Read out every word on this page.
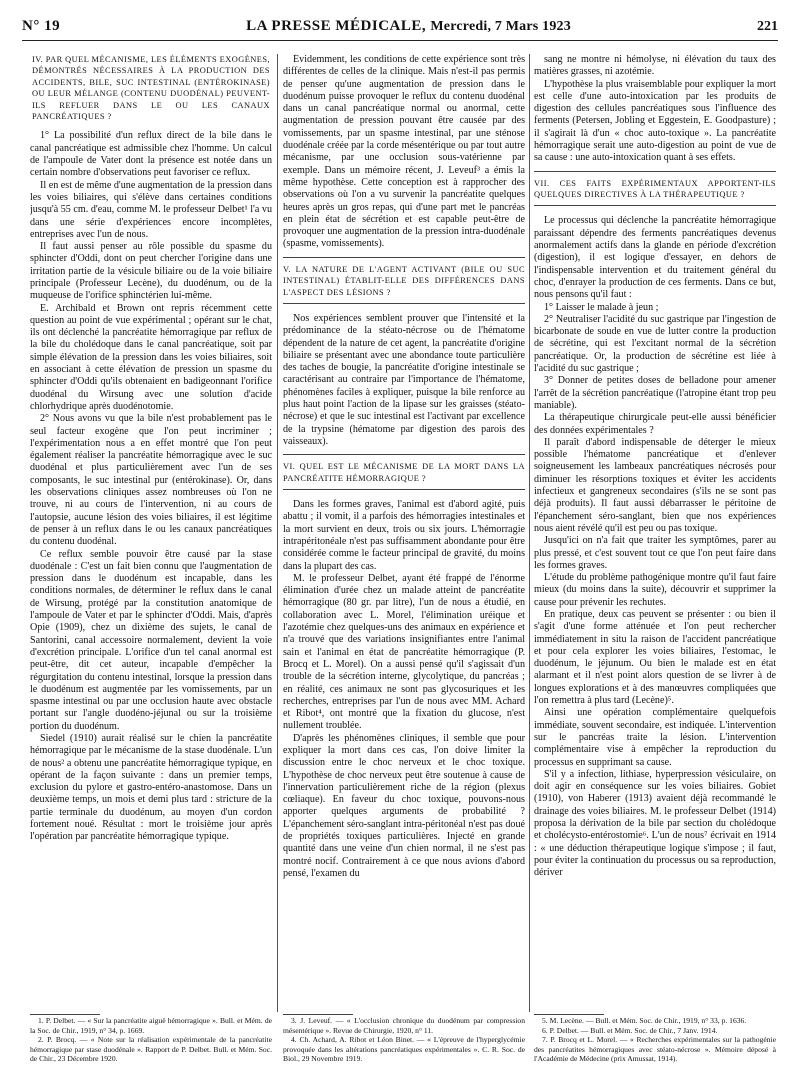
N° 19	LA PRESSE MÉDICALE, Mercredi, 7 Mars 1923	221
IV. PAR QUEL MÉCANISME, LES ÉLÉMENTS EXOGÈNES, DÉMONTRÉS NÉCESSAIRES À LA PRODUCTION DES ACCIDENTS, BILE, SUC INTESTINAL (ENTÉROKINASE) OU LEUR MÉLANGE (CONTENU DUODÉNAL) PEUVENT-ILS REFLUER DANS LE OU LES CANAUX PANCRÉATIQUES ?
1° La possibilité d'un reflux direct de la bile dans le canal pancréatique est admissible chez l'homme. Un calcul de l'ampoule de Vater dont la présence est notée dans un certain nombre d'observations peut favoriser ce reflux.
Il en est de même d'une augmentation de la pression dans les voies biliaires, qui s'élève dans certaines conditions jusqu'à 55 cm. d'eau, comme M. le professeur Delbet¹ l'a vu dans une série d'expériences encore incomplètes, entreprises avec l'un de nous.
Il faut aussi penser au rôle possible du spasme du sphincter d'Oddi, dont on peut chercher l'origine dans une irritation partie de la vésicule biliaire ou de la voie biliaire principale (Professeur Lecène), du duodénum, ou de la muqueuse de l'orifice sphinctérien lui-même.
E. Archibald et Brown ont repris récemment cette question au point de vue expérimental ; opérant sur le chat, ils ont déclenché la pancréatite hémorragique par reflux de la bile du cholédoque dans le canal pancréatique, soit par simple élévation de la pression dans les voies biliaires, soit en associant à cette élévation de pression un spasme du sphincter d'Oddi qu'ils obtenaient en badigeonnant l'orifice duodénal du Wirsung avec une solution d'acide chlorhydrique après duodénotomie.
2° Nous avons vu que la bile n'est probablement pas le seul facteur exogène que l'on peut incriminer ; l'expérimentation nous a en effet montré que l'on peut également réaliser la pancréatite hémorragique avec le suc duodénal et plus particulièrement avec l'un de ses composants, le suc intestinal pur (entérokinase). Or, dans les observations cliniques assez nombreuses où l'on ne trouve, ni au cours de l'intervention, ni au cours de l'autopsie, aucune lésion des voies biliaires, il est légitime de penser à un reflux dans le ou les canaux pancréatiques du contenu duodénal.
Ce reflux semble pouvoir être causé par la stase duodénale : C'est un fait bien connu que l'augmentation de pression dans le duodénum est incapable, dans les conditions normales, de déterminer le reflux dans le canal de Wirsung, protégé par la constitution anatomique de l'ampoule de Vater et par le sphincter d'Oddi. Mais, d'après Opie (1909), chez un dixième des sujets, le canal de Santorini, canal accessoire normalement, devient la voie d'excrétion principale. L'orifice d'un tel canal anormal est peut-être, dit cet auteur, incapable d'empêcher la régurgitation du contenu intestinal, lorsque la pression dans le duodénum est augmentée par les vomissements, par un spasme intestinal ou par une occlusion haute avec obstacle portant sur l'angle duodéno-jéjunal ou sur la troisième portion du duodénum.
Siedel (1910) aurait réalisé sur le chien la pancréatite hémorragique par le mécanisme de la stase duodénale. L'un de nous² a obtenu une pancréatite hémorragique typique, en opérant de la façon suivante : dans un premier temps, exclusion du pylore et gastro-entéro-anastomose. Dans un deuxième temps, un mois et demi plus tard : stricture de la partie terminale du duodénum, au moyen d'un cordon fortement noué. Résultat : mort le troisième jour après l'opération par pancréatite hémorragique typique.
Évidemment, les conditions de cette expérience sont très différentes de celles de la clinique. Mais n'est-il pas permis de penser qu'une augmentation de pression dans le duodénum puisse provoquer le reflux du contenu duodénal dans un canal pancréatique normal ou anormal, cette augmentation de pression pouvant être causée par des vomissements, par un spasme intestinal, par une sténose duodénale créée par la corde mésentérique ou par tout autre mécanisme, par une occlusion sous-vatérienne par exemple. Dans un mémoire récent, J. Leveuf³ a émis la même hypothèse. Cette conception est à rapprocher des observations où l'on a vu survenir la pancréatite quelques heures après un gros repas, qui d'une part met le pancréas en plein état de sécrétion et est capable peut-être de provoquer une augmentation de la pression intra-duodénale (spasme, vomissements).
V. LA NATURE DE L'AGENT ACTIVANT (BILE OU SUC INTESTINAL) ÉTABLIT-ELLE DES DIFFÉRENCES DANS L'ASPECT DES LÉSIONS ?
Nos expériences semblent prouver que l'intensité et la prédominance de la stéato-nécrose ou de l'hématome dépendent de la nature de cet agent, la pancréatite d'origine biliaire se présentant avec une abondance toute particulière des taches de bougie, la pancréatite d'origine intestinale se caractérisant au contraire par l'importance de l'hématome, phénomènes faciles à expliquer, puisque la bile renforce au plus haut point l'action de la lipase sur les graisses (stéato-nécrose) et que le suc intestinal est l'activant par excellence de la trypsine (hématome par digestion des parois des vaisseaux).
VI. QUEL EST LE MÉCANISME DE LA MORT DANS LA PANCRÉATITE HÉMORRAGIQUE ?
Dans les formes graves, l'animal est d'abord agité, puis abattu ; il vomit, il a parfois des hémorragies intestinales et la mort survient en deux, trois ou six jours. L'hémorragie intrapéritonéale n'est pas suffisamment abondante pour être considérée comme le facteur principal de gravité, du moins dans la plupart des cas.
M. le professeur Delbet, ayant été frappé de l'énorme élimination d'urée chez un malade atteint de pancréatite hémorragique (80 gr. par litre), l'un de nous a étudié, en collaboration avec L. Morel, l'élimination uréique et l'azotémie chez quelques-uns des animaux en expérience et n'a trouvé que des variations insignifiantes entre l'animal sain et l'animal en état de pancréatite hémorragique (P. Brocq et L. Morel). On a aussi pensé qu'il s'agissait d'un trouble de la sécrétion interne, glycolytique, du pancréas ; en réalité, ces animaux ne sont pas glycosuriques et les recherches, entreprises par l'un de nous avec MM. Achard et Ribot⁴, ont montré que la fixation du glucose, n'est nullement troublée.
D'après les phénomènes cliniques, il semble que pour expliquer la mort dans ces cas, l'on doive limiter la discussion entre le choc nerveux et le choc toxique. L'hypothèse de choc nerveux peut être soutenue à cause de l'innervation particulièrement riche de la région (plexus cœliaque). En faveur du choc toxique, pouvons-nous apporter quelques arguments de probabilité ? L'épanchement séro-sanglant intra-péritonéal n'est pas doué de propriétés toxiques particulières. Injecté en grande quantité dans une veine d'un chien normal, il ne s'est pas montré nocif. Contrairement à ce que nous avions d'abord pensé, l'examen du
sang ne montre ni hémolyse, ni élévation du taux des matières grasses, ni azotémie.
L'hypothèse la plus vraisemblable pour expliquer la mort est celle d'une auto-intoxication par les produits de digestion des cellules pancréatiques sous l'influence des ferments (Petersen, Jobling et Eggestein, E. Goodpasture) ; il s'agirait là d'un « choc auto-toxique ». La pancréatite hémorragique serait une auto-digestion au point de vue de sa cause : une auto-intoxication quant à ses effets.
VII. CES FAITS EXPÉRIMENTAUX APPORTENT-ILS QUELQUES DIRECTIVES À LA THÉRAPEUTIQUE ?
Le processus qui déclenche la pancréatite hémorragique paraissant dépendre des ferments pancréatiques devenus anormalement actifs dans la glande en période d'excrétion (digestion), il est logique d'essayer, en dehors de l'indispensable intervention et du traitement général du choc, d'enrayer la production de ces ferments. Dans ce but, nous pensons qu'il faut :
1° Laisser le malade à jeun ;
2° Neutraliser l'acidité du suc gastrique par l'ingestion de bicarbonate de soude en vue de lutter contre la production de sécrétine, qui est l'excitant normal de la sécrétion pancréatique. Or, la production de sécrétine est liée à l'acidité du suc gastrique ;
3° Donner de petites doses de belladone pour amener l'arrêt de la sécrétion pancréatique (l'atropine étant trop peu maniable).
La thérapeutique chirurgicale peut-elle aussi bénéficier des données expérimentales ?
Il paraît d'abord indispensable de déterger le mieux possible l'hématome pancréatique et d'enlever soigneusement les lambeaux pancréatiques nécrosés pour diminuer les résorptions toxiques et éviter les accidents infectieux et gangreneux secondaires (s'ils ne se sont pas déjà produits). Il faut aussi débarrasser le péritoine de l'épanchement séro-sanglant, bien que nos expériences nous aient révélé qu'il est peu ou pas toxique.
Jusqu'ici on n'a fait que traiter les symptômes, parer au plus pressé, et c'est souvent tout ce que l'on peut faire dans les formes graves.
L'étude du problème pathogénique montre qu'il faut faire mieux (du moins dans la suite), découvrir et supprimer la cause pour prévenir les rechutes.
En pratique, deux cas peuvent se présenter : ou bien il s'agit d'une forme atténuée et l'on peut rechercher immédiatement in situ la raison de l'accident pancréatique et pour cela explorer les voies biliaires, l'estomac, le duodénum, le jéjunum. Ou bien le malade est en état alarmant et il n'est point alors question de se livrer à de longues explorations et à des manœuvres compliquées que l'on remettra à plus tard (Lecène)⁵.
Ainsi une opération complémentaire quelquefois immédiate, souvent secondaire, est indiquée. L'intervention sur le pancréas traite la lésion. L'intervention complémentaire vise à empêcher la reproduction du processus en supprimant sa cause.
S'il y a infection, lithiase, hyperpression vésiculaire, on doit agir en conséquence sur les voies biliaires. Gobiet (1910), von Haberer (1913) avaient déjà recommandé le drainage des voies biliaires. M. le professeur Delbet (1914) proposa la dérivation de la bile par section du cholédoque et cholécysto-entérostomie⁶. L'un de nous⁷ écrivait en 1914 : « une déduction thérapeutique logique s'impose ; il faut, pour éviter la continuation du processus ou sa reproduction, dériver
1. P. Delbet. — « Sur la pancréatite aiguë hémorragique ». Bull. et Mém. de la Soc. de Chir., 1919, n° 34, p. 1669.
2. P. Brocq. — « Note sur la réalisation expérimentale de la pancréatite hémorragique par stase duodénale ». Rapport de P. Delbet. Bull. et Mém. Soc. de Chir., 23 Décembre 1920.
3. J. Leveuf. — « L'occlusion chronique du duodénum par compression mésentérique ». Revue de Chirurgie, 1920, n° 11.
4. Ch. Achard, A. Ribot et Léon Binet. — « L'épreuve de l'hyperglycémie provoquée dans les altérations pancréatiques expérimentales ». C. R. Soc. de Biol., 29 Novembre 1919.
5. M. Lecène. — Bull. et Mém. Soc. de Chir., 1919, n° 33, p. 1636.
6. P. Delbet. — Bull. et Mém. Soc. de Chir., 7 Janv. 1914.
7. P. Brocq et L. Morel. — « Recherches expérimentales sur la pathogénie des pancréatites hémorragiques avec stéato-nécrose ». Mémoire déposé à l'Académie de Médecine (prix Amussat, 1914).
